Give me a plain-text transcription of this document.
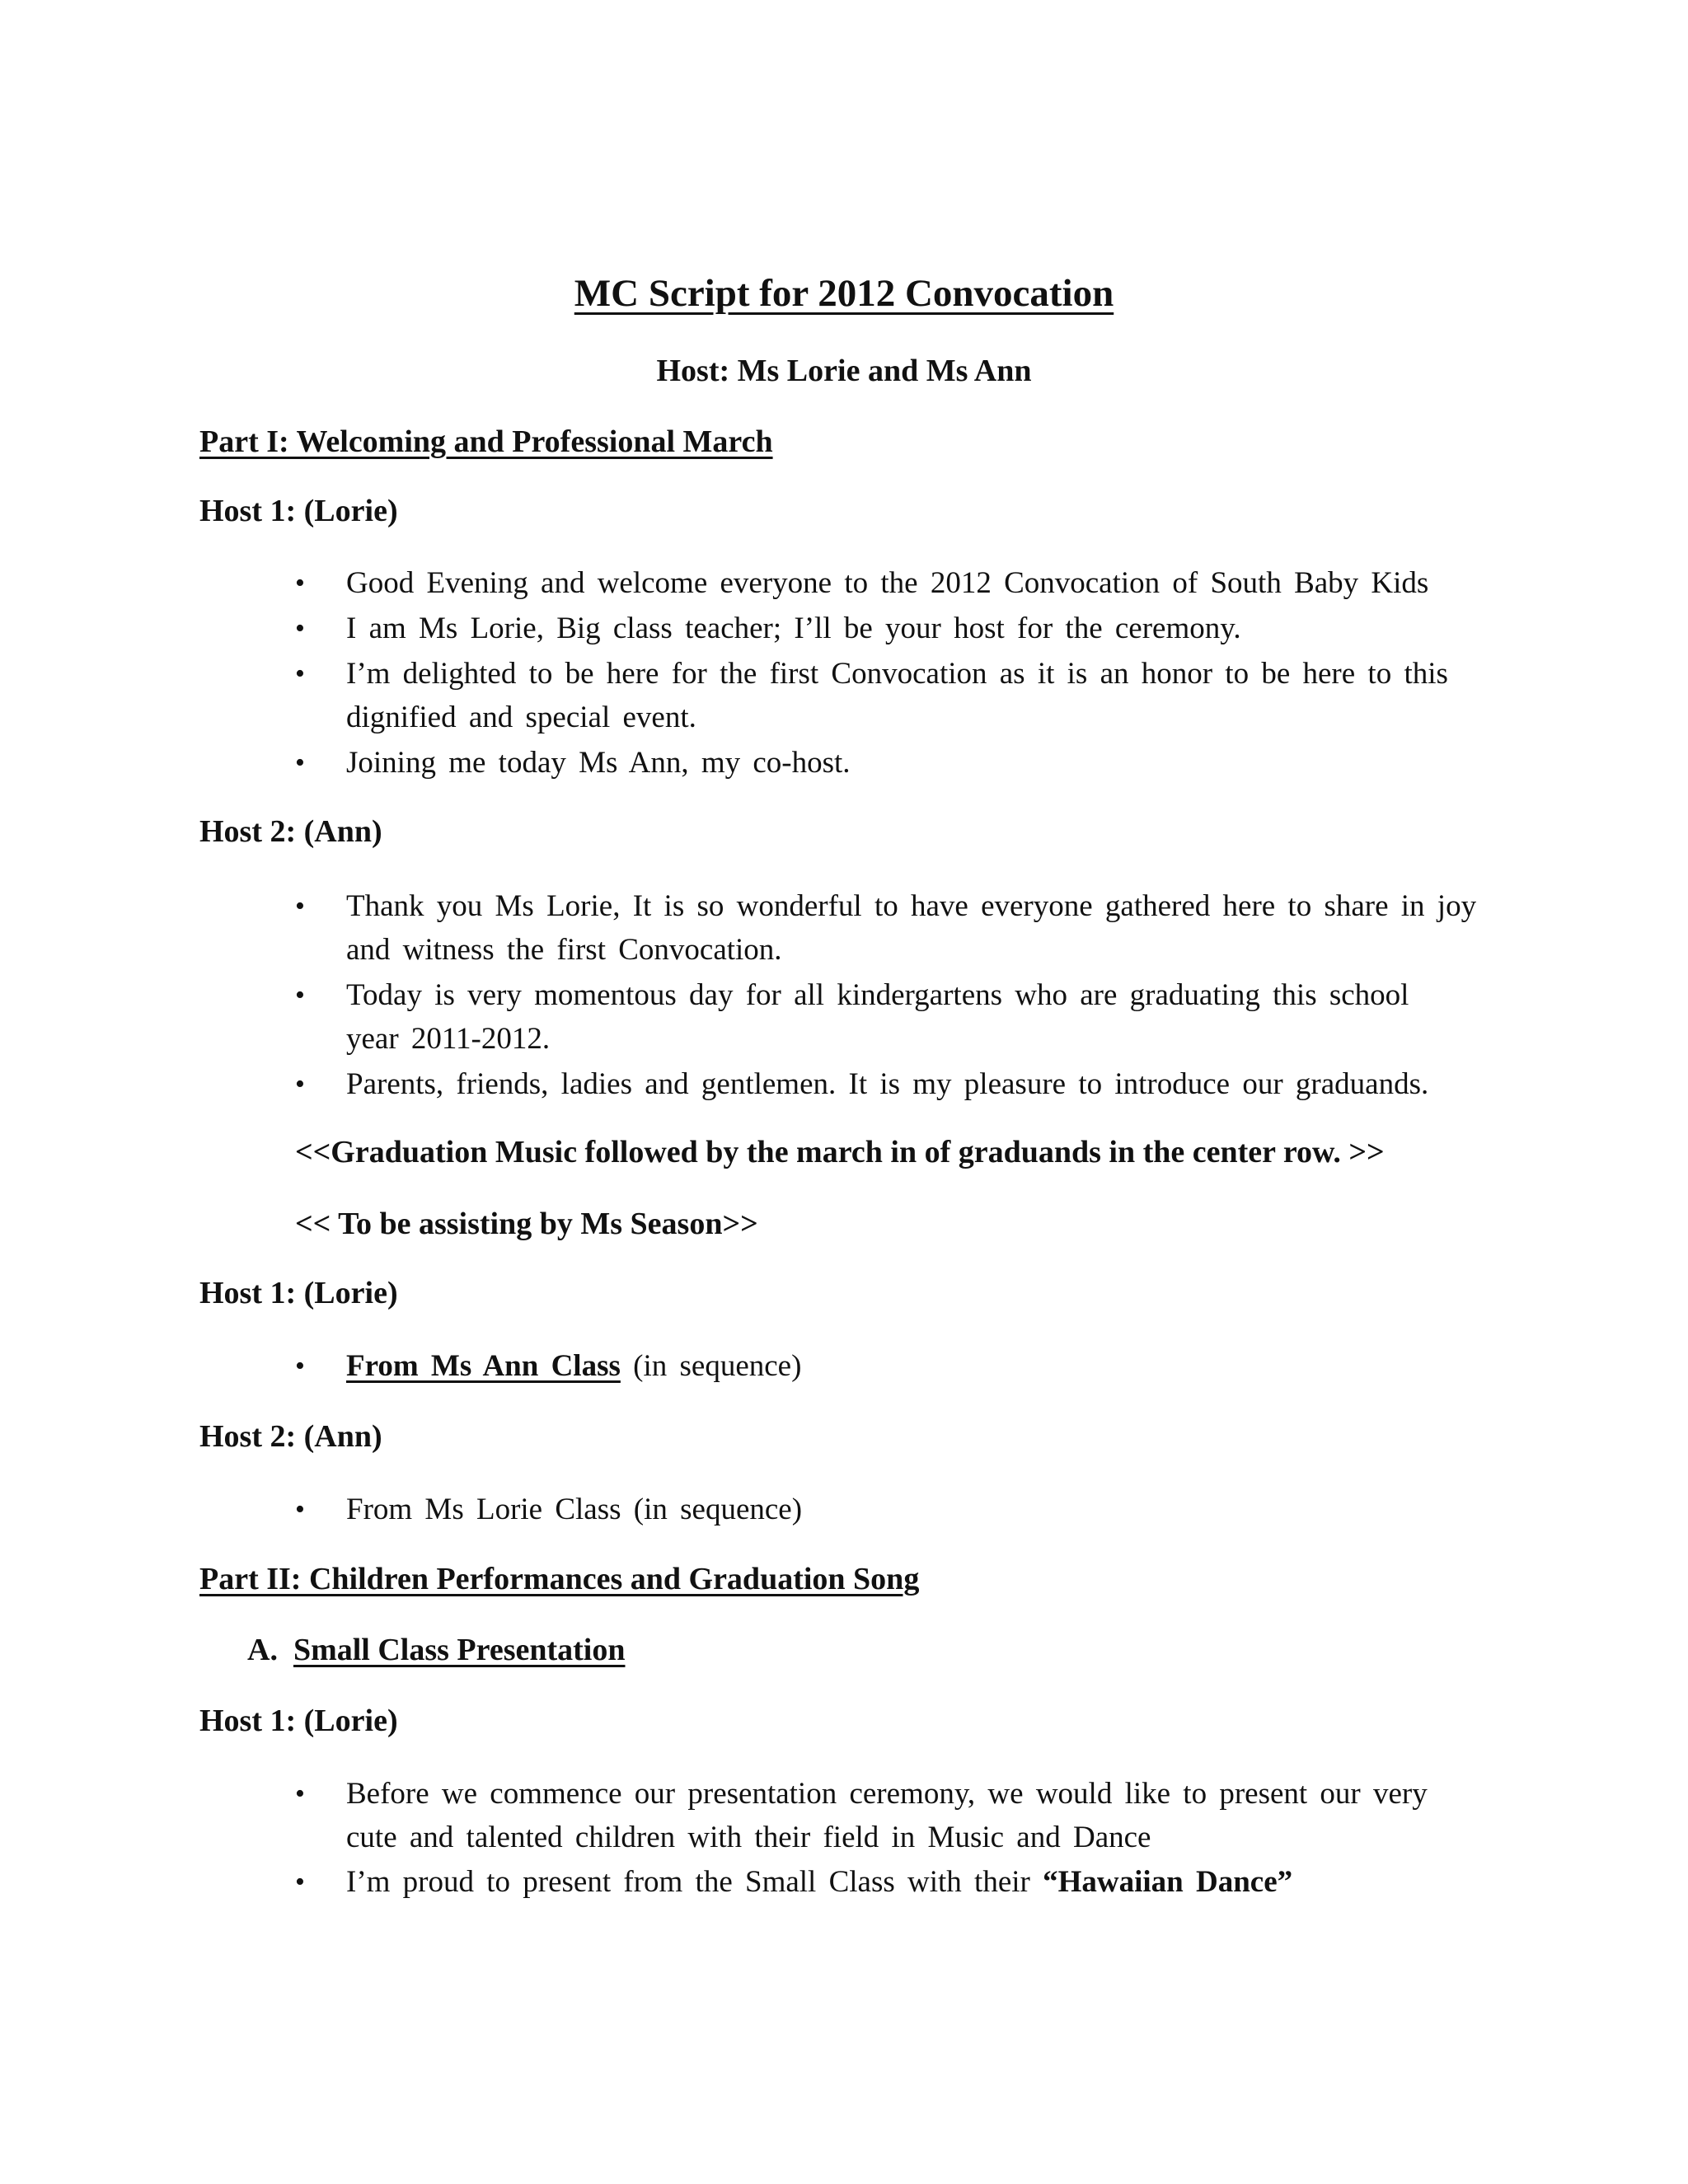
MC Script for 2012 Convocation
Host: Ms Lorie and Ms Ann
Part I: Welcoming and Professional March
Host 1: (Lorie)
•	Good Evening and welcome everyone to the 2012 Convocation of South Baby Kids
•	I am Ms Lorie, Big class teacher; I’ll be your host for the ceremony.
•	I’m delighted to be here for the first Convocation as it is an honor to be here to this
dignified and special event.
•	Joining me today Ms Ann, my co-host.
Host 2: (Ann)
•	Thank you Ms Lorie, It is so wonderful to have everyone gathered here to share in joy
and witness the first Convocation.
•	Today is very momentous day for all kindergartens who are graduating this school
year 2011-2012.
•	Parents, friends, ladies and gentlemen. It is my pleasure to introduce our graduands.
<<Graduation Music followed by the march in of graduands in the center row. >>
<< To be assisting by Ms Season>>
Host 1: (Lorie)
•	From Ms Ann Class (in sequence)
Host 2: (Ann)
•	From Ms Lorie Class (in sequence)
Part II: Children Performances and Graduation Song
A. Small Class Presentation
Host 1: (Lorie)
•	Before we commence our presentation ceremony, we would like to present our very
cute and talented children with their field in Music and Dance
•	I’m proud to present from the Small Class with their “Hawaiian Dance”
